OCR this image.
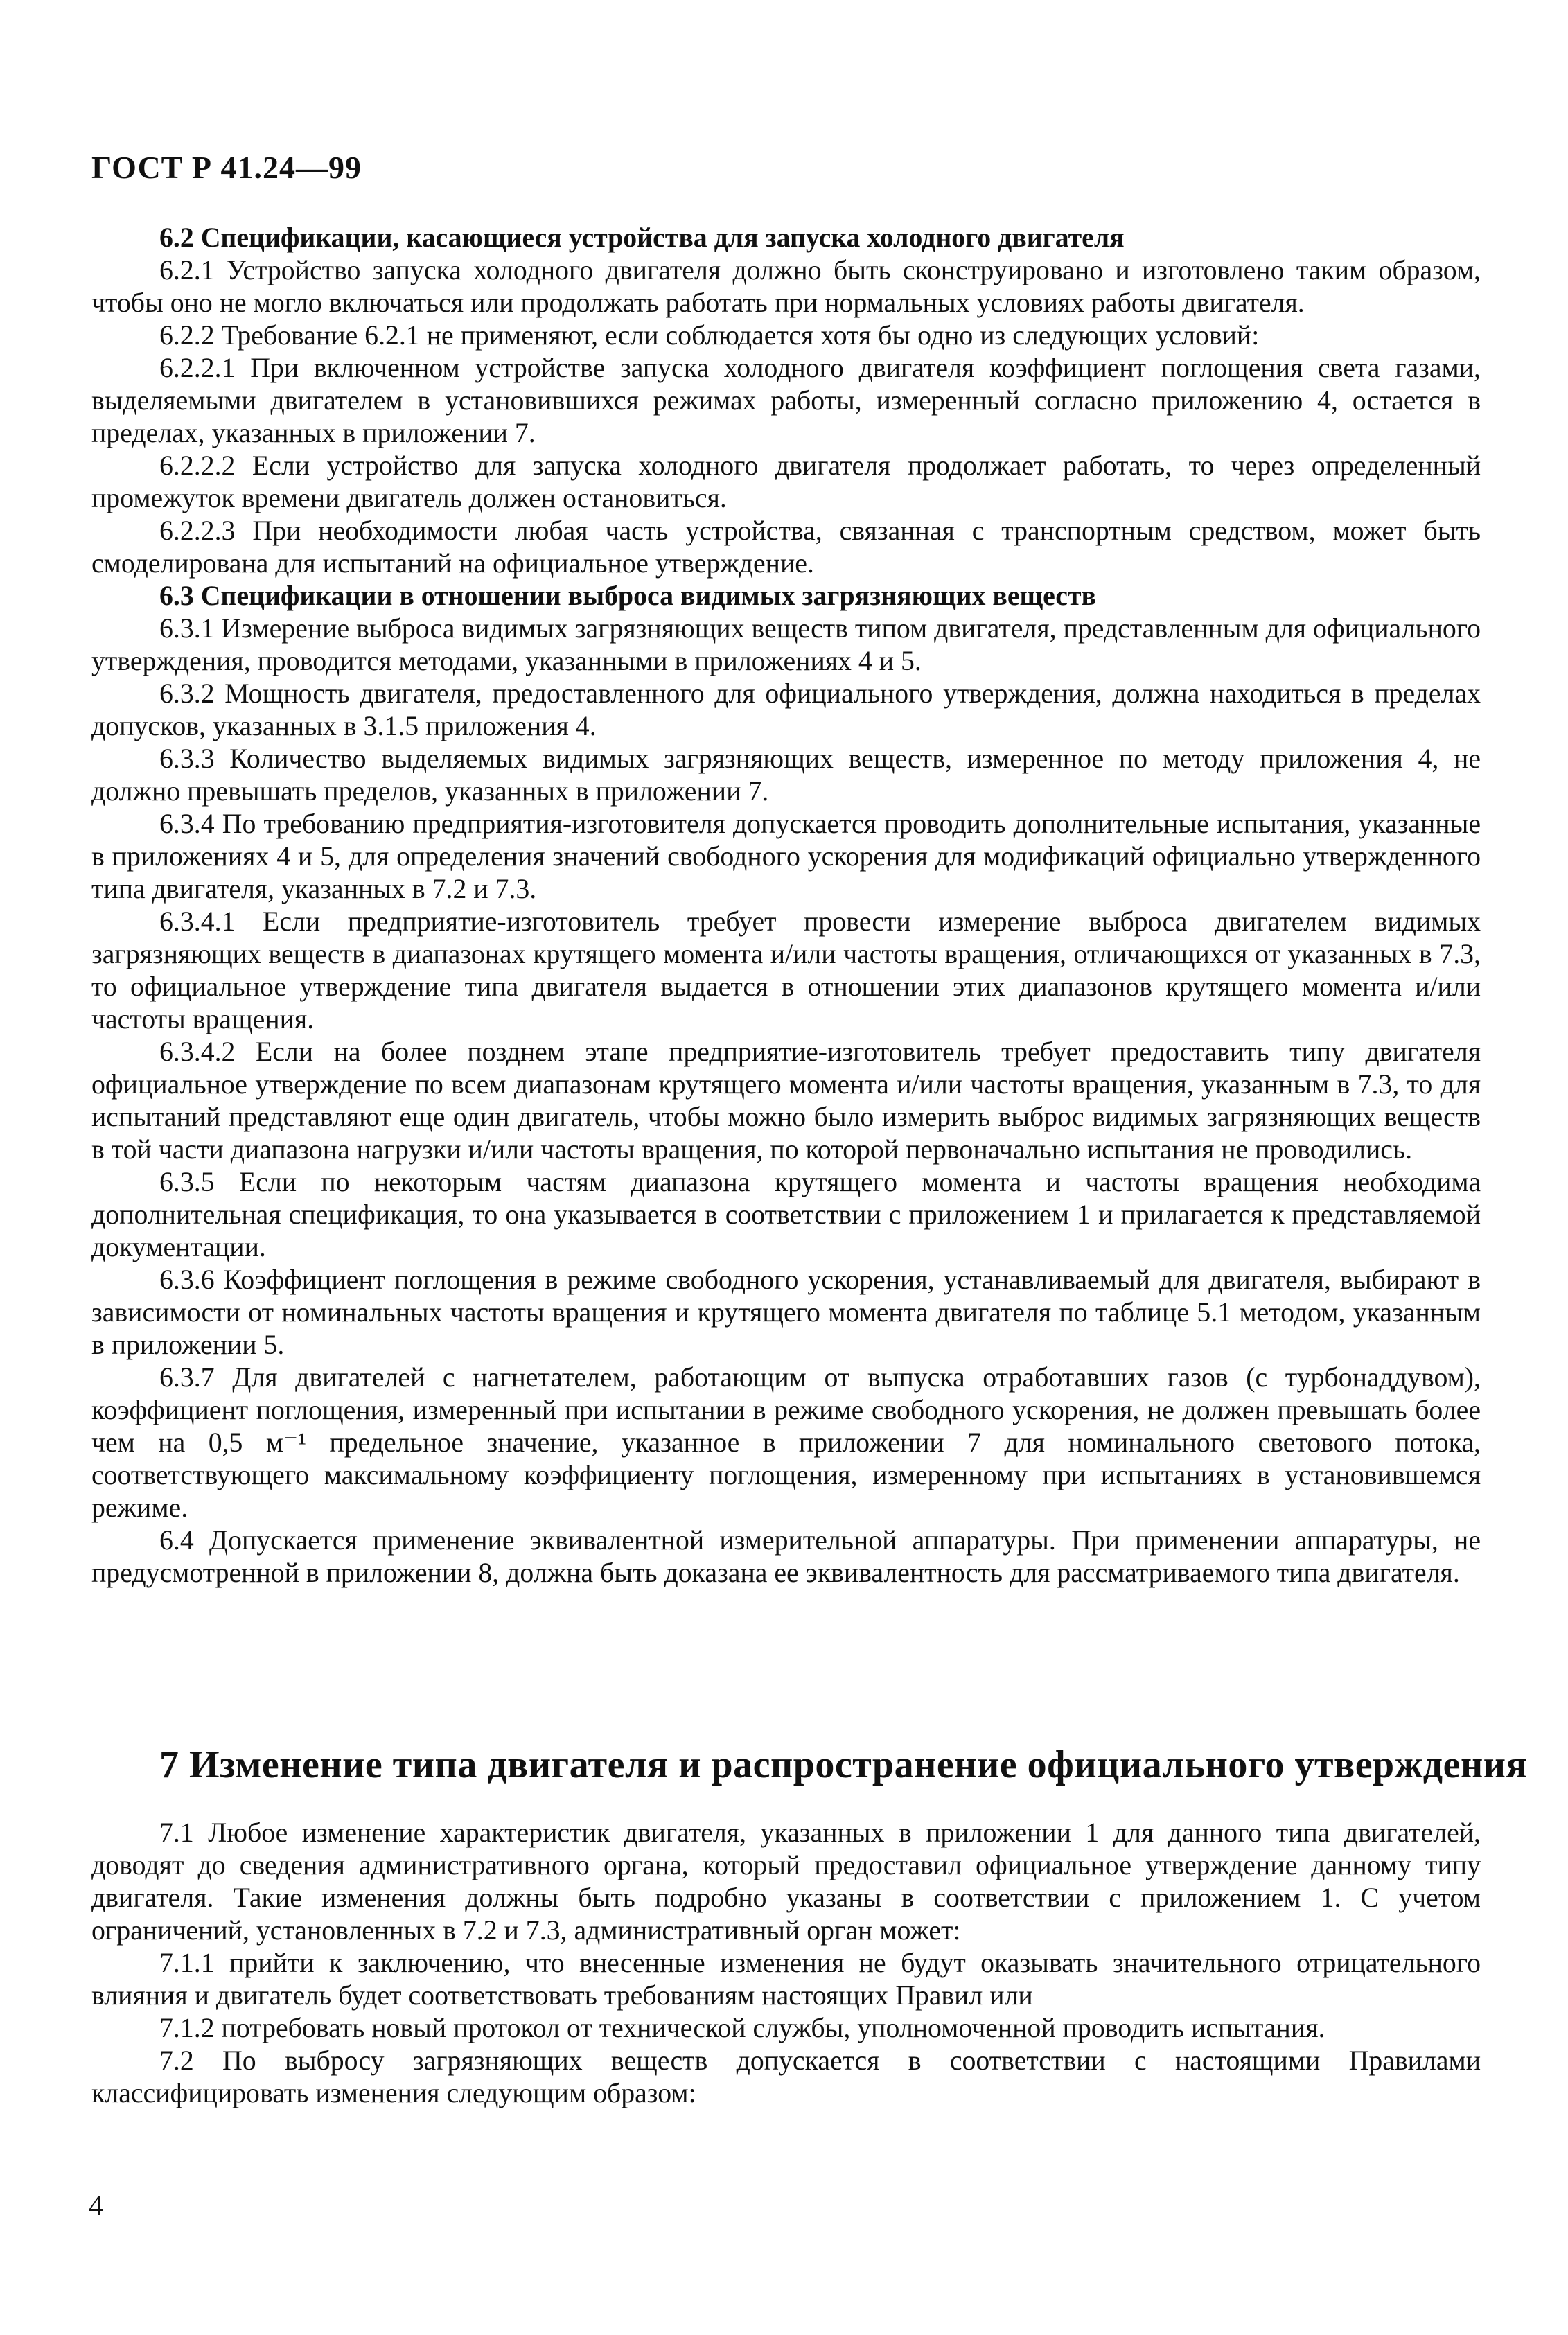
ГОСТ Р 41.24—99

6.2 Спецификации, касающиеся устройства для запуска холодного двигателя

6.2.1 Устройство запуска холодного двигателя должно быть сконструировано и изготовлено таким образом, чтобы оно не могло включаться или продолжать работать при нормальных условиях работы двигателя.

6.2.2 Требование 6.2.1 не применяют, если соблюдается хотя бы одно из следующих условий:

6.2.2.1 При включенном устройстве запуска холодного двигателя коэффициент поглощения света газами, выделяемыми двигателем в установившихся режимах работы, измеренный согласно приложению 4, остается в пределах, указанных в приложении 7.

6.2.2.2 Если устройство для запуска холодного двигателя продолжает работать, то через определенный промежуток времени двигатель должен остановиться.

6.2.2.3 При необходимости любая часть устройства, связанная с транспортным средством, может быть смоделирована для испытаний на официальное утверждение.

6.3 Спецификации в отношении выброса видимых загрязняющих веществ

6.3.1 Измерение выброса видимых загрязняющих веществ типом двигателя, представленным для официального утверждения, проводится методами, указанными в приложениях 4 и 5.

6.3.2 Мощность двигателя, предоставленного для официального утверждения, должна находиться в пределах допусков, указанных в 3.1.5 приложения 4.

6.3.3 Количество выделяемых видимых загрязняющих веществ, измеренное по методу приложения 4, не должно превышать пределов, указанных в приложении 7.

6.3.4 По требованию предприятия-изготовителя допускается проводить дополнительные испытания, указанные в приложениях 4 и 5, для определения значений свободного ускорения для модификаций официально утвержденного типа двигателя, указанных в 7.2 и 7.3.

6.3.4.1 Если предприятие-изготовитель требует провести измерение выброса двигателем видимых загрязняющих веществ в диапазонах крутящего момента и/или частоты вращения, отличающихся от указанных в 7.3, то официальное утверждение типа двигателя выдается в отношении этих диапазонов крутящего момента и/или частоты вращения.

6.3.4.2 Если на более позднем этапе предприятие-изготовитель требует предоставить типу двигателя официальное утверждение по всем диапазонам крутящего момента и/или частоты вращения, указанным в 7.3, то для испытаний представляют еще один двигатель, чтобы можно было измерить выброс видимых загрязняющих веществ в той части диапазона нагрузки и/или частоты вращения, по которой первоначально испытания не проводились.

6.3.5 Если по некоторым частям диапазона крутящего момента и частоты вращения необходима дополнительная спецификация, то она указывается в соответствии с приложением 1 и прилагается к представляемой документации.

6.3.6 Коэффициент поглощения в режиме свободного ускорения, устанавливаемый для двигателя, выбирают в зависимости от номинальных частоты вращения и крутящего момента двигателя по таблице 5.1 методом, указанным в приложении 5.

6.3.7 Для двигателей с нагнетателем, работающим от выпуска отработавших газов (с турбонаддувом), коэффициент поглощения, измеренный при испытании в режиме свободного ускорения, не должен превышать более чем на 0,5 м⁻¹ предельное значение, указанное в приложении 7 для номинального светового потока, соответствующего максимальному коэффициенту поглощения, измеренному при испытаниях в установившемся режиме.

6.4 Допускается применение эквивалентной измерительной аппаратуры. При применении аппаратуры, не предусмотренной в приложении 8, должна быть доказана ее эквивалентность для рассматриваемого типа двигателя.

7 Изменение типа двигателя и распространение официального утверждения

7.1 Любое изменение характеристик двигателя, указанных в приложении 1 для данного типа двигателей, доводят до сведения административного органа, который предоставил официальное утверждение данному типу двигателя. Такие изменения должны быть подробно указаны в соответствии с приложением 1. С учетом ограничений, установленных в 7.2 и 7.3, административный орган может:

7.1.1 прийти к заключению, что внесенные изменения не будут оказывать значительного отрицательного влияния и двигатель будет соответствовать требованиям настоящих Правил или

7.1.2 потребовать новый протокол от технической службы, уполномоченной проводить испытания.

7.2 По выбросу загрязняющих веществ допускается в соответствии с настоящими Правилами классифицировать изменения следующим образом:

4
